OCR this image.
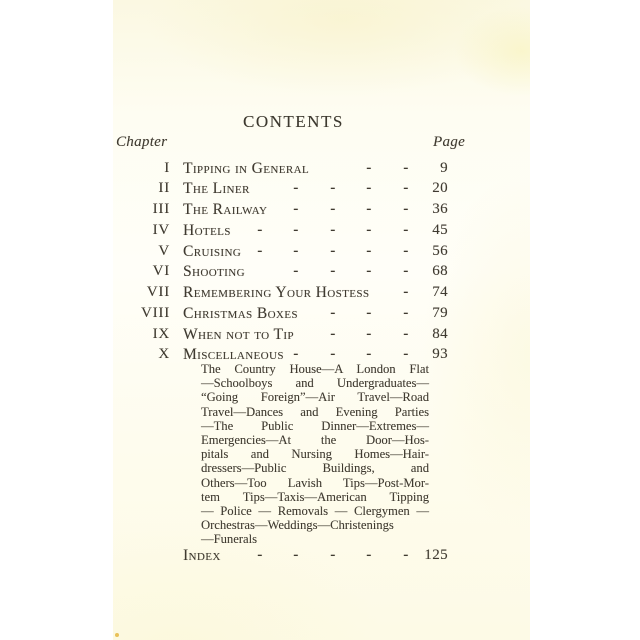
CONTENTS
Chapter	Page
I Tipping in General	- -	9
II The Liner	- - - -	20
III The Railway - - - -	36
IV Hotels - - - - -	45
V Cruising - - - - -	56
VI Shooting	- - - -	68
VII Remembering Your Hostess -	74
VIII Christmas Boxes - - -	79
IX When not to Tip - - -	84
X Miscellaneous - - - -	93
The Country House—A London Flat
—Schoolboys and Undergraduates—
“Going Foreign”—Air Travel—Road
Travel—Dances and Evening Parties
—The Public Dinner—Extremes—
Emergencies—At the Door—Hos-
pitals and Nursing Homes—Hair-
dressers—Public Buildings, and
Others—Too Lavish Tips—Post-Mor-
tem Tips—Taxis—American Tipping
— Police — Removals — Clergymen —
Orchestras—Weddings—Christenings
—Funerals
Index - - - - -	125
